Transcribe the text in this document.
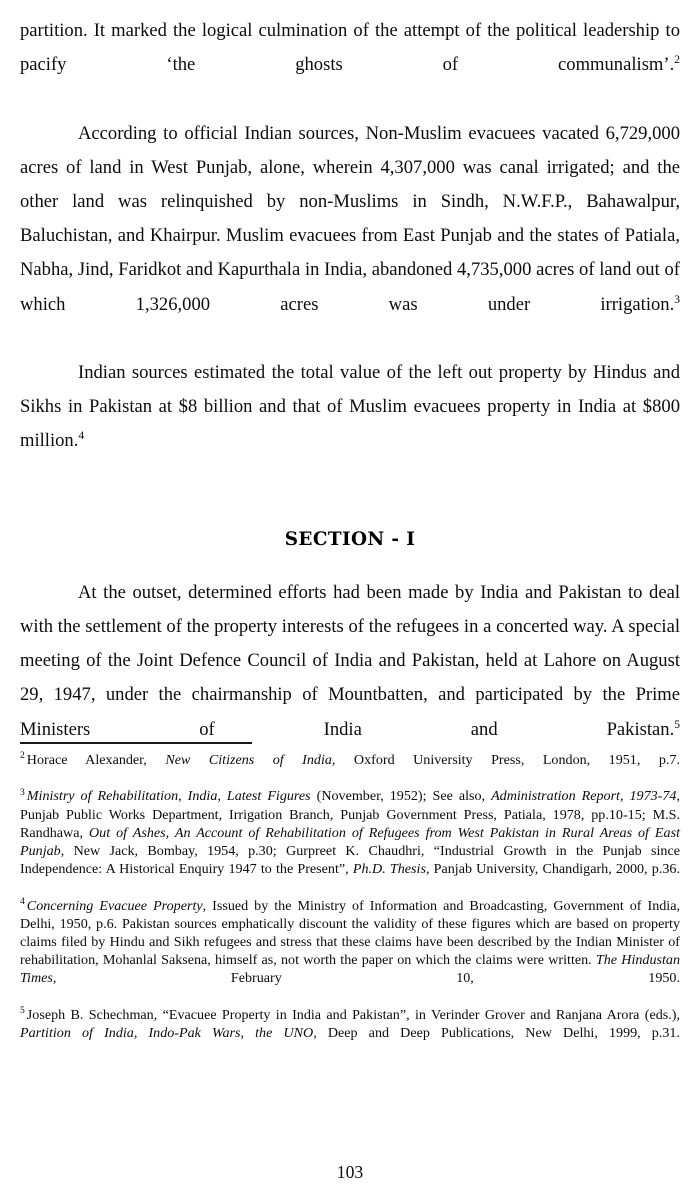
partition. It marked the logical culmination of the attempt of the political leadership to pacify ‘the ghosts of communalism’.$^2$

According to official Indian sources, Non-Muslim evacuees vacated 6,729,000 acres of land in West Punjab, alone, wherein 4,307,000 was canal irrigated; and the other land was relinquished by non-Muslims in Sindh, N.W.F.P., Bahawalpur, Baluchistan, and Khairpur. Muslim evacuees from East Punjab and the states of Patiala, Nabha, Jind, Faridkot and Kapurthala in India, abandoned 4,735,000 acres of land out of which 1,326,000 acres was under irrigation.$^3$

Indian sources estimated the total value of the left out property by Hindus and Sikhs in Pakistan at $8 billion and that of Muslim evacuees property in India at $800 million.$^4$

SECTION - I

At the outset, determined efforts had been made by India and Pakistan to deal with the settlement of the property interests of the refugees in a concerted way. A special meeting of the Joint Defence Council of India and Pakistan, held at Lahore on August 29, 1947, under the chairmanship of Mountbatten, and participated by the Prime Ministers of India and Pakistan.$^5$

$^2$ Horace Alexander, New Citizens of India, Oxford University Press, London, 1951, p.7.

$^3$ Ministry of Rehabilitation, India, Latest Figures (November, 1952); See also, Administration Report, 1973-74, Punjab Public Works Department, Irrigation Branch, Punjab Government Press, Patiala, 1978, pp.10-15; M.S. Randhawa, Out of Ashes, An Account of Rehabilitation of Refugees from West Pakistan in Rural Areas of East Punjab, New Jack, Bombay, 1954, p.30; Gurpreet K. Chaudhri, “Industrial Growth in the Punjab since Independence: A Historical Enquiry 1947 to the Present”, Ph.D. Thesis, Panjab University, Chandigarh, 2000, p.36.

$^4$ Concerning Evacuee Property, Issued by the Ministry of Information and Broadcasting, Government of India, Delhi, 1950, p.6. Pakistan sources emphatically discount the validity of these figures which are based on property claims filed by Hindu and Sikh refugees and stress that these claims have been described by the Indian Minister of rehabilitation, Mohanlal Saksena, himself as, not worth the paper on which the claims were written. The Hindustan Times, February 10, 1950.

$^5$ Joseph B. Schechman, “Evacuee Property in India and Pakistan”, in Verinder Grover and Ranjana Arora (eds.), Partition of India, Indo-Pak Wars, the UNO, Deep and Deep Publications, New Delhi, 1999, p.31.

103
